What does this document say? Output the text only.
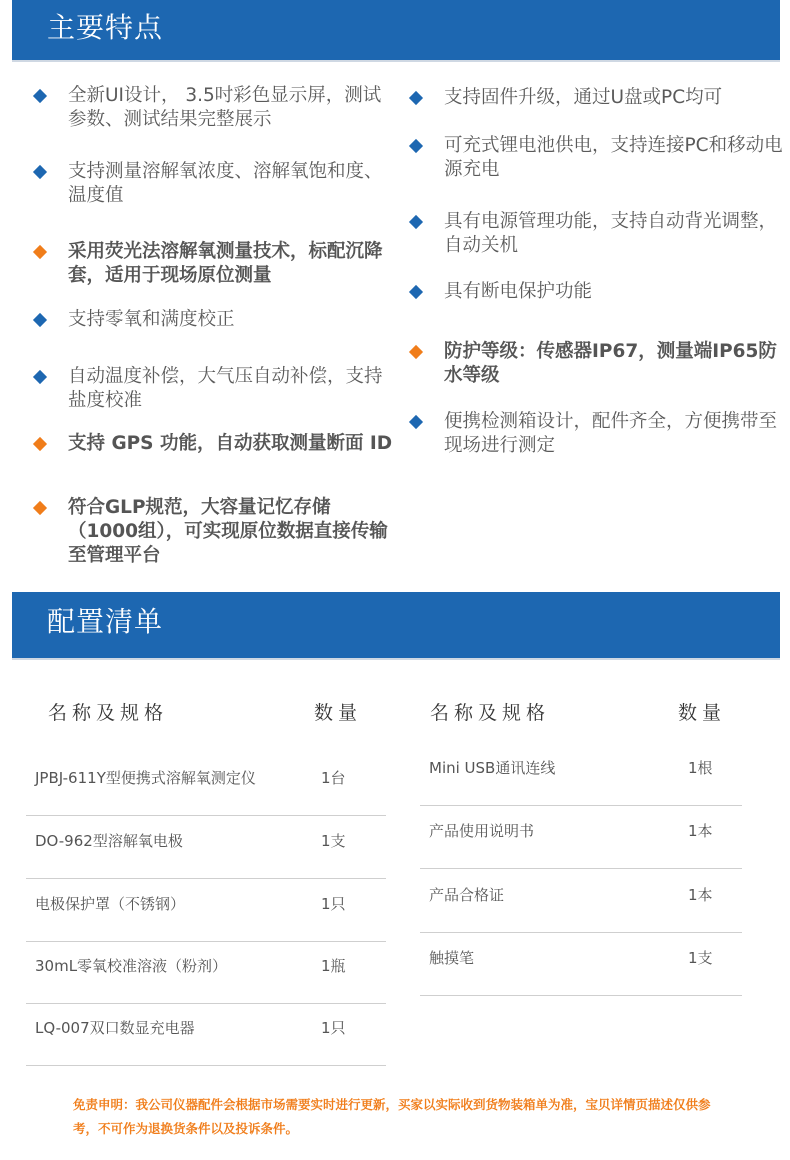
主要特点
全新UI设计， 3.5吋彩色显示屏，测试参数、测试结果完整展示
支持测量溶解氧浓度、溶解氧饱和度、温度值
采用荧光法溶解氧测量技术，标配沉降套，适用于现场原位测量
支持零氧和满度校正
自动温度补偿，大气压自动补偿，支持盐度校准
支持 GPS 功能，自动获取测量断面 ID
符合GLP规范，大容量记忆存储（1000组），可实现原位数据直接传输至管理平台
支持固件升级，通过U盘或PC均可
可充式锂电池供电，支持连接PC和移动电源充电
具有电源管理功能，支持自动背光调整，自动关机
具有断电保护功能
防护等级：传感器IP67，测量端IP65防水等级
便携检测箱设计，配件齐全，方便携带至现场进行测定
配置清单
名称及规格	数量	名称及规格	数量
JPBJ-611Y型便携式溶解氧测定仪	1台
DO-962型溶解氧电极	1支
电极保护罩（不锈钢）	1只
30mL零氧校准溶液（粉剂）	1瓶
LQ-007双口数显充电器	1只
Mini USB通讯连线	1根
产品使用说明书	1本
产品合格证	1本
触摸笔	1支
免责申明：我公司仪器配件会根据市场需要实时进行更新，买家以实际收到货物装箱单为准，宝贝详情页描述仅供参考，不可作为退换货条件以及投诉条件。
